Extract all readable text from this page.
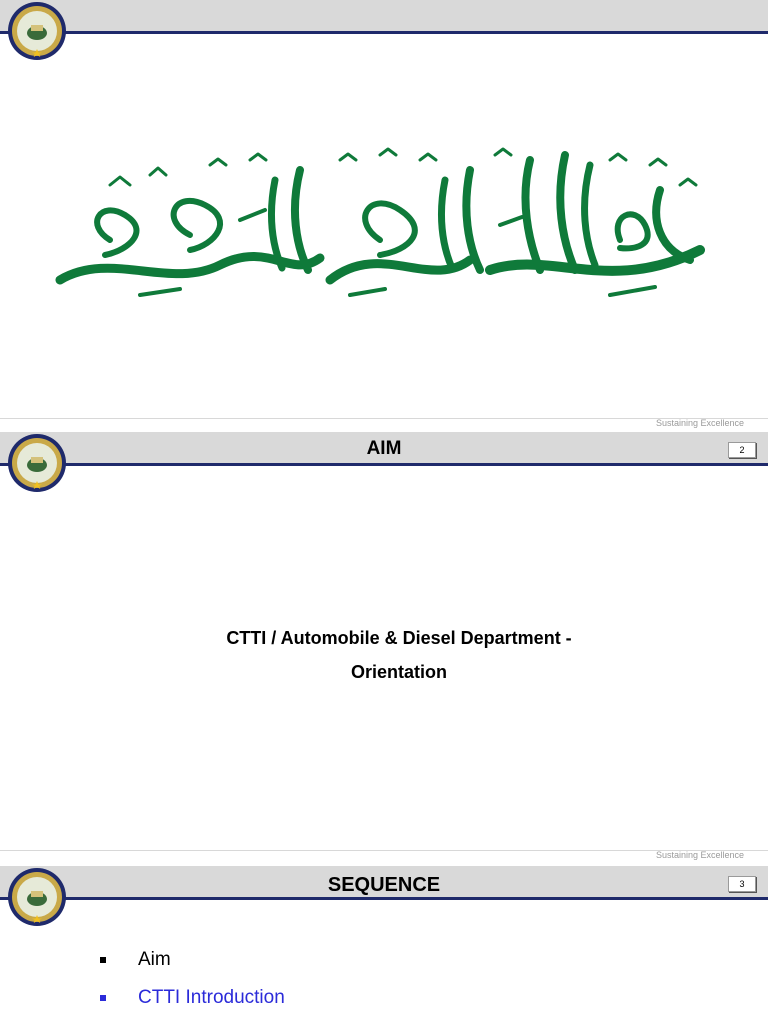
Sustaining Excellence
AIM	2
CTTI / Automobile & Diesel Department -
Orientation
Sustaining Excellence
SEQUENCE	3
Aim
CTTI Introduction
